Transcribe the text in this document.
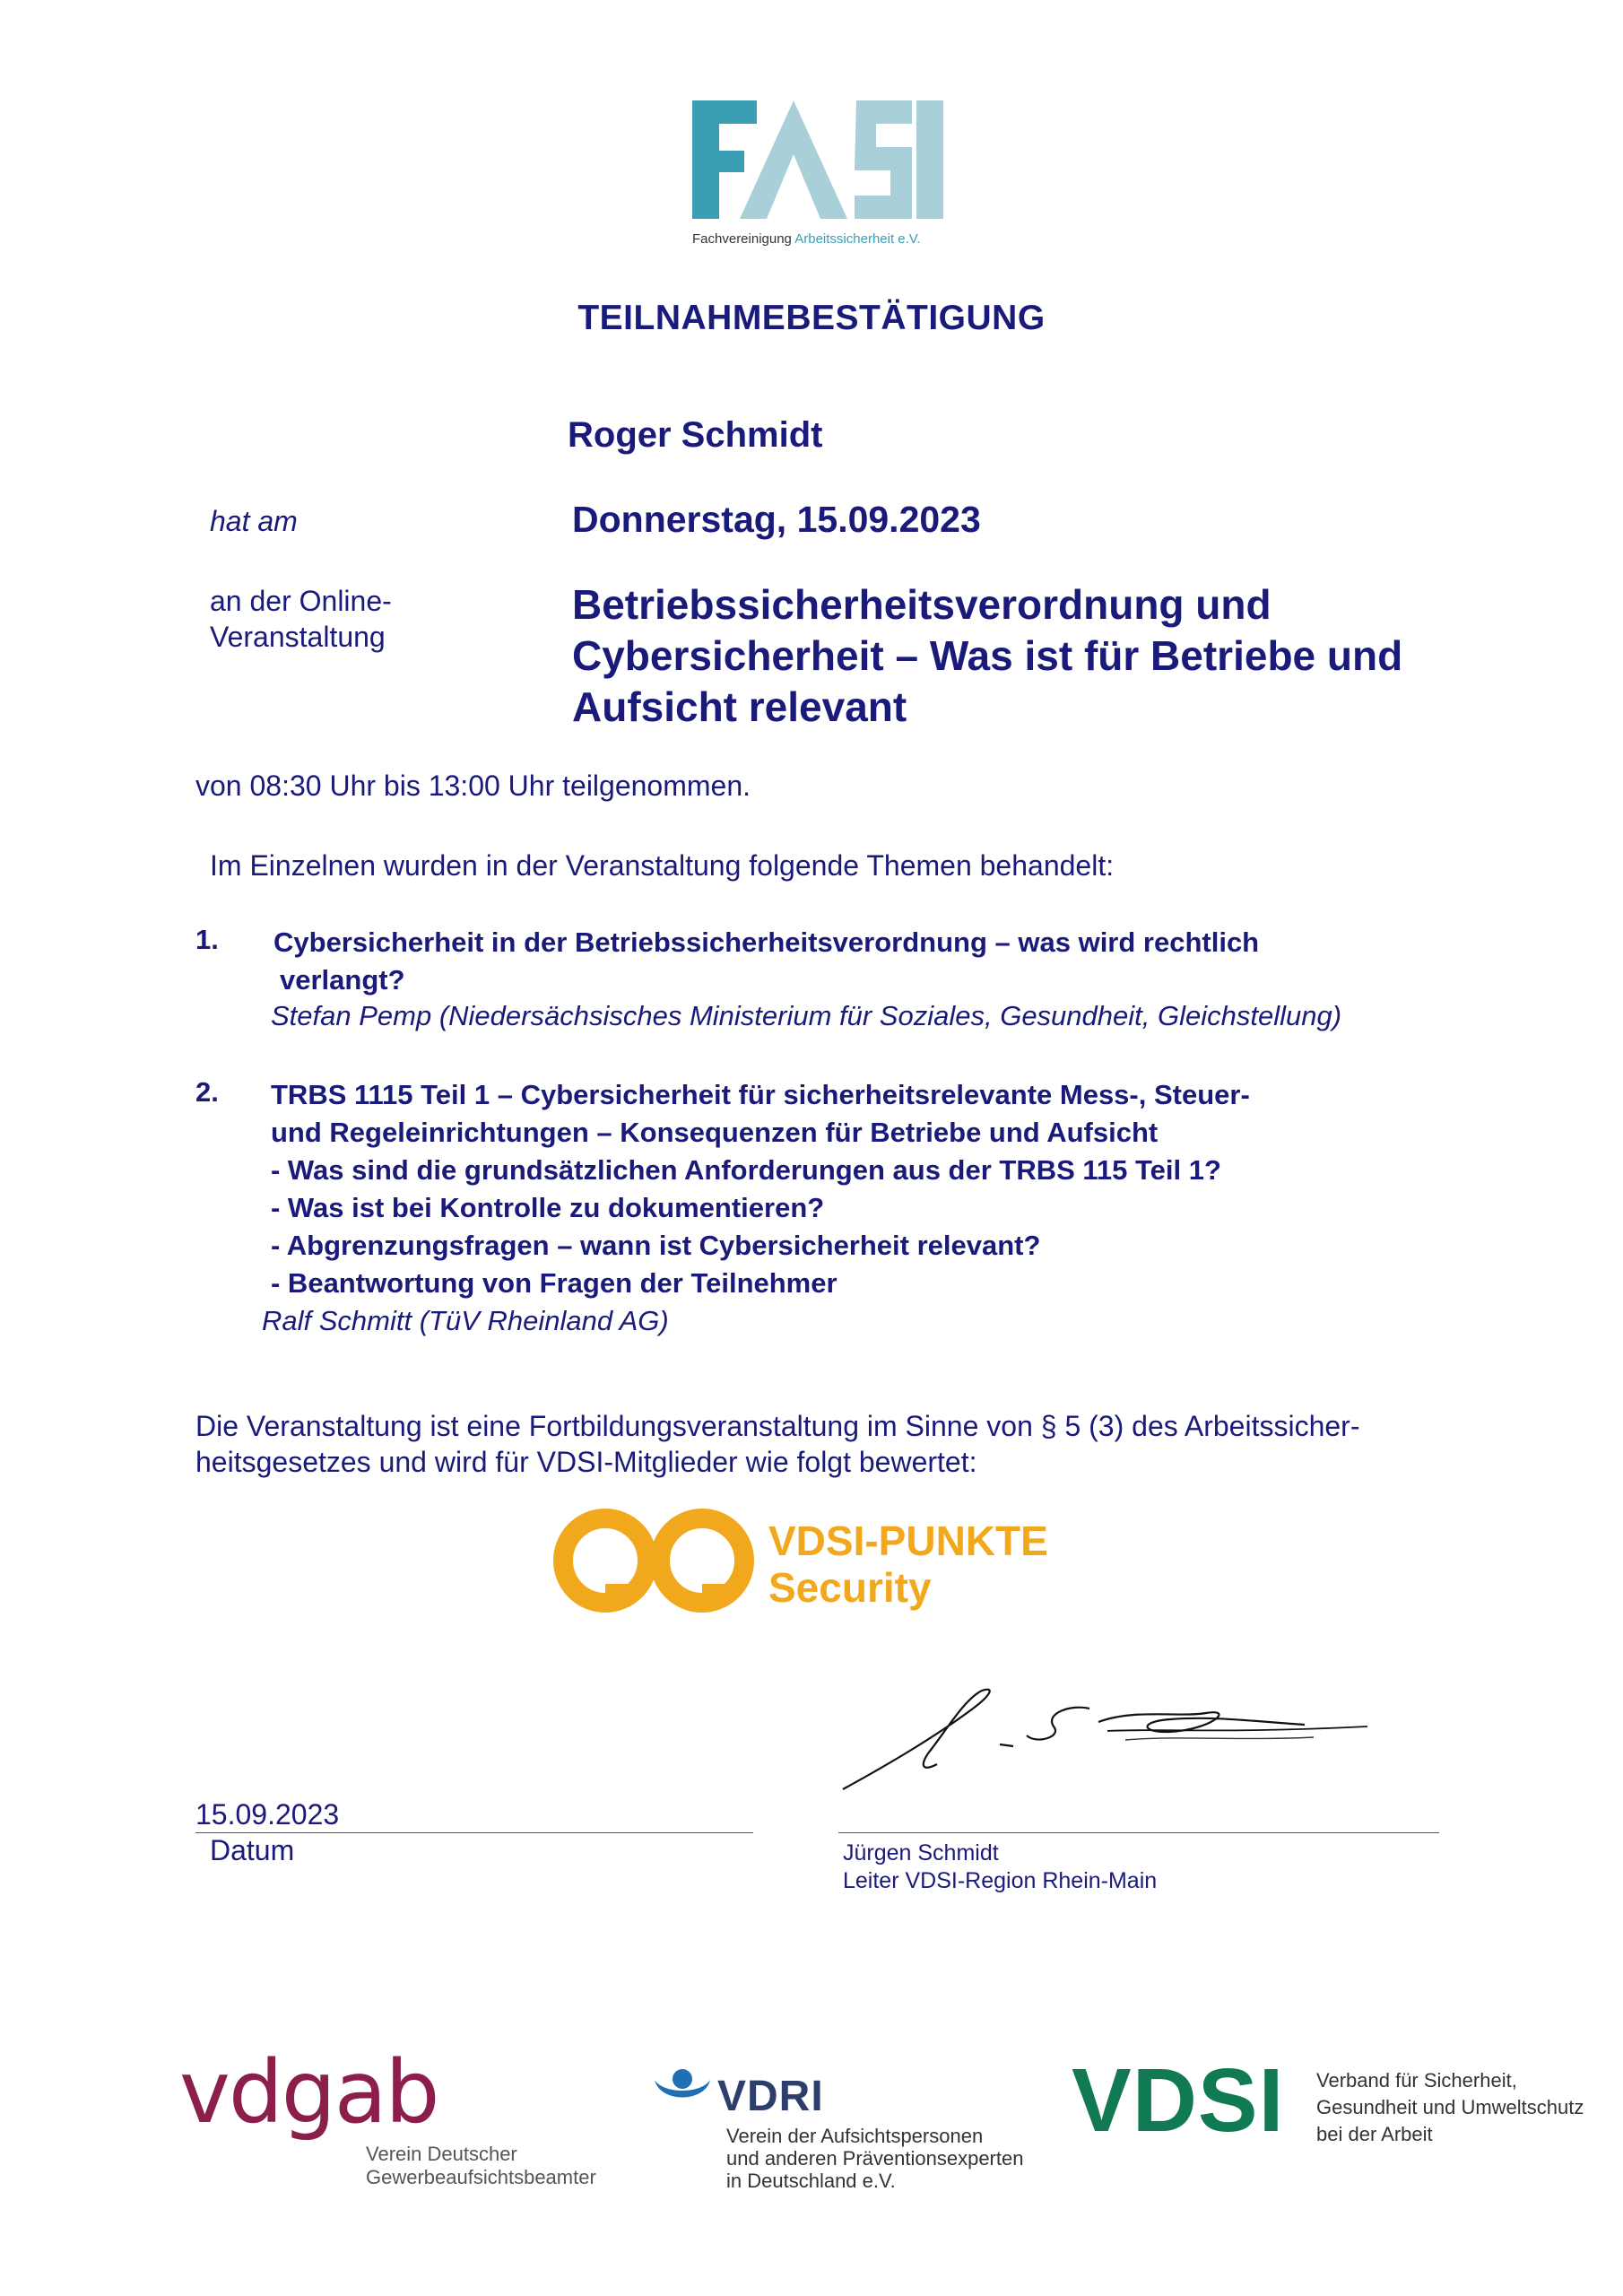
Fachvereinigung Arbeitssicherheit e.V.
TEILNAHMEBESTÄTIGUNG
Roger Schmidt
hat am	Donnerstag, 15.09.2023
an der Online-
Veranstaltung
Betriebssicherheitsverordnung und Cybersicherheit – Was ist für Betriebe und Aufsicht relevant
von 08:30 Uhr bis 13:00 Uhr teilgenommen.
Im Einzelnen wurden in der Veranstaltung folgende Themen behandelt:
1. Cybersicherheit in der Betriebssicherheitsverordnung – was wird rechtlich
verlangt?
Stefan Pemp (Niedersächsisches Ministerium für Soziales, Gesundheit, Gleichstellung)
2. TRBS 1115 Teil 1 – Cybersicherheit für sicherheitsrelevante Mess-, Steuer-
und Regeleinrichtungen – Konsequenzen für Betriebe und Aufsicht
- Was sind die grundsätzlichen Anforderungen aus der TRBS 115 Teil 1?
- Was ist bei Kontrolle zu dokumentieren?
- Abgrenzungsfragen – wann ist Cybersicherheit relevant?
- Beantwortung von Fragen der Teilnehmer
Ralf Schmitt (TüV Rheinland AG)
Die Veranstaltung ist eine Fortbildungsveranstaltung im Sinne von § 5 (3) des Arbeitssicher-
heitsgesetzes und wird für VDSI-Mitglieder wie folgt bewertet:
VDSI-PUNKTE
Security
15.09.2023
Datum	Jürgen Schmidt
Leiter VDSI-Region Rhein-Main
vdgab
Verein Deutscher
Gewerbeaufsichtsbeamter
VDRI
Verein der Aufsichtspersonen
und anderen Präventionsexperten
in Deutschland e.V.
VDSI Verband für Sicherheit,
Gesundheit und Umweltschutz
bei der Arbeit
